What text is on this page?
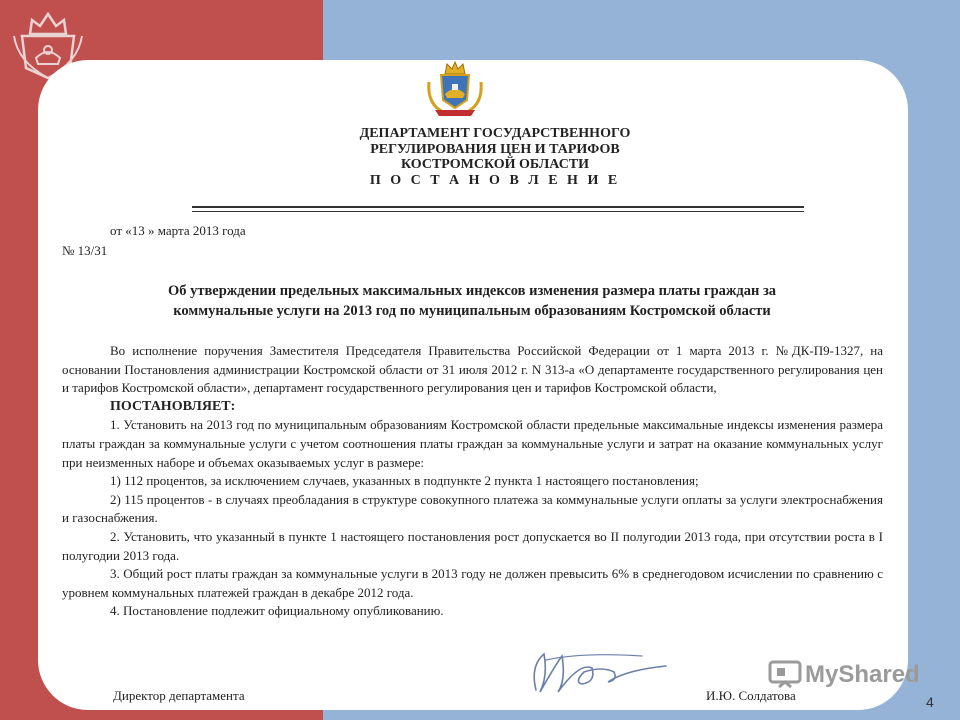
ДЕПАРТАМЕНТ ГОСУДАРСТВЕННОГО
РЕГУЛИРОВАНИЯ ЦЕН И ТАРИФОВ
КОСТРОМСКОЙ ОБЛАСТИ
П О С Т А Н О В Л Е Н И Е
от «13 » марта 2013 года
№ 13/31
Об утверждении предельных максимальных индексов изменения размера платы граждан за
коммунальные услуги на 2013 год по муниципальным образованиям Костромской области

Во исполнение поручения Заместителя Председателя Правительства Российской Федерации от 1 марта 2013 г. №ДК-П9-1327, на основании Постановления администрации Костромской области от 31 июля 2012 г. N 313-а «О департаменте государственного регулирования цен и тарифов Костромской области», департамент государственного регулирования цен и тарифов Костромской области,

ПОСТАНОВЛЯЕТ:

1. Установить на 2013 год по муниципальным образованиям Костромской области предельные максимальные индексы изменения размера платы граждан за коммунальные услуги с учетом соотношения платы граждан за коммунальные услуги и затрат на оказание коммунальных услуг при неизменных наборе и объемах оказываемых услуг в размере:

1) 112 процентов, за исключением случаев, указанных в подпункте 2 пункта 1 настоящего постановления;

2) 115 процентов - в случаях преобладания в структуре совокупного платежа за коммунальные услуги оплаты за услуги электроснабжения и газоснабжения.

2. Установить, что указанный в пункте 1 настоящего постановления рост допускается во II полугодии 2013 года, при отсутствии роста в I полугодии 2013 года.

3. Общий рост платы граждан за коммунальные услуги в 2013 году не должен превысить 6% в среднегодовом исчислении по сравнению с уровнем коммунальных платежей граждан в декабре 2012 года.

4. Постановление подлежит официальному опубликованию.

Директор департамента	И.Ю. Солдатова
MyShared
4
